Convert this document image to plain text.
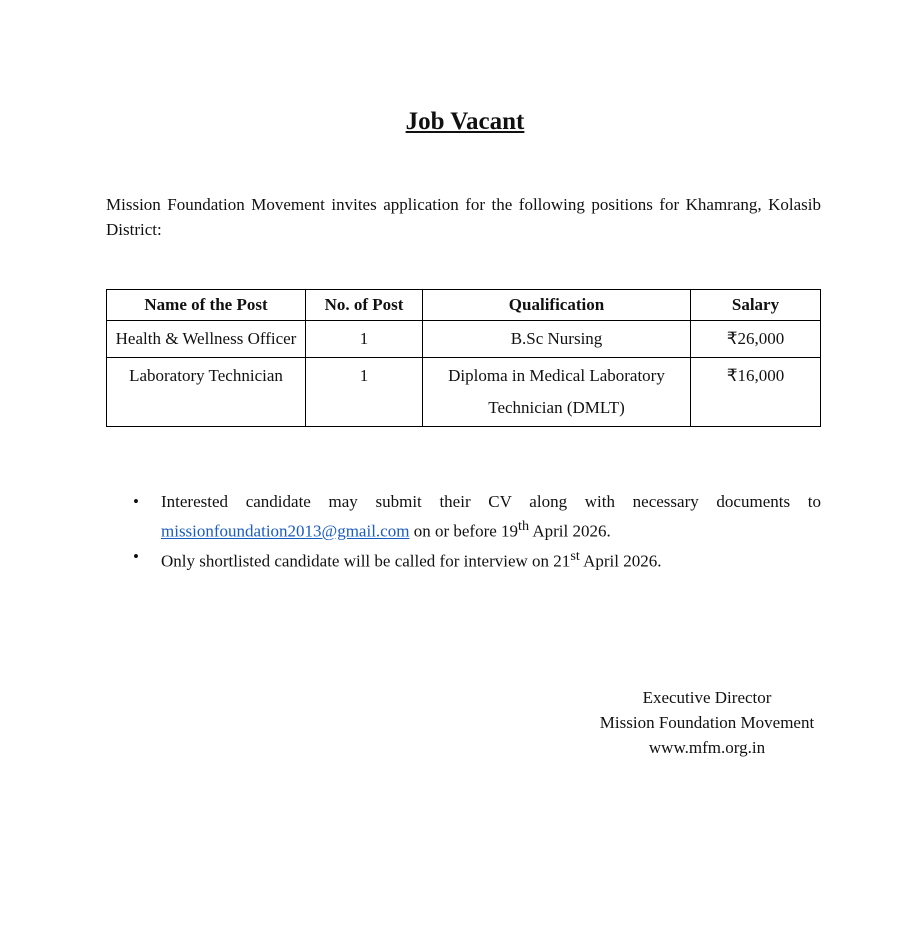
Job Vacant
Mission Foundation Movement invites application for the following positions for Khamrang, Kolasib District:
Name of the Post	No. of Post	Qualification	Salary
Health & Wellness Officer	1	B.Sc Nursing	₹26,000
Laboratory Technician	1	Diploma in Medical Laboratory Technician (DMLT)	₹16,000
•	Interested candidate may submit their CV along with necessary documents to missionfoundation2013@gmail.com on or before 19th April 2026.
•	Only shortlisted candidate will be called for interview on 21st April 2026.
Executive Director
Mission Foundation Movement
www.mfm.org.in
